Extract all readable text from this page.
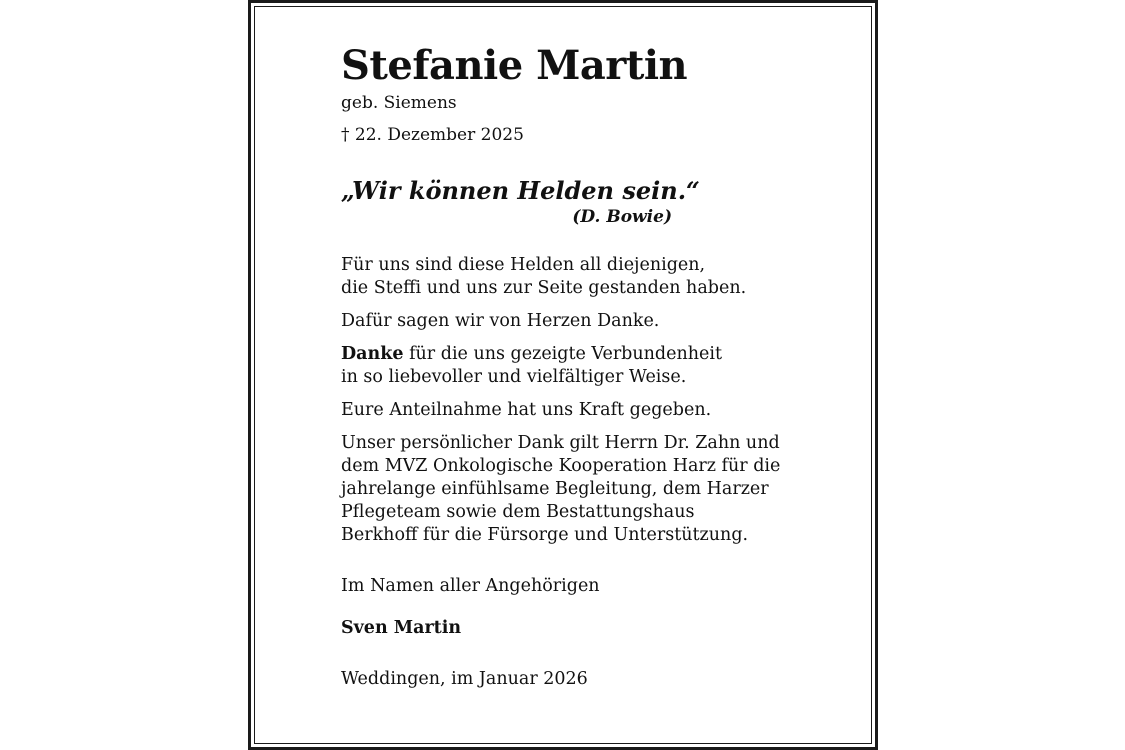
Stefanie Martin

geb. Siemens

† 22. Dezember 2025

„Wir können Helden sein.“

(D. Bowie)

Für uns sind diese Helden all diejenigen,
die Steffi und uns zur Seite gestanden haben.

Dafür sagen wir von Herzen Danke.

Danke für die uns gezeigte Verbundenheit
in so liebevoller und vielfältiger Weise.

Eure Anteilnahme hat uns Kraft gegeben.

Unser persönlicher Dank gilt Herrn Dr. Zahn und
dem MVZ Onkologische Kooperation Harz für die
jahrelange einfühlsame Begleitung, dem Harzer
Pflegeteam sowie dem Bestattungshaus
Berkhoff für die Fürsorge und Unterstützung.

Im Namen aller Angehörigen

Sven Martin

Weddingen, im Januar 2026
